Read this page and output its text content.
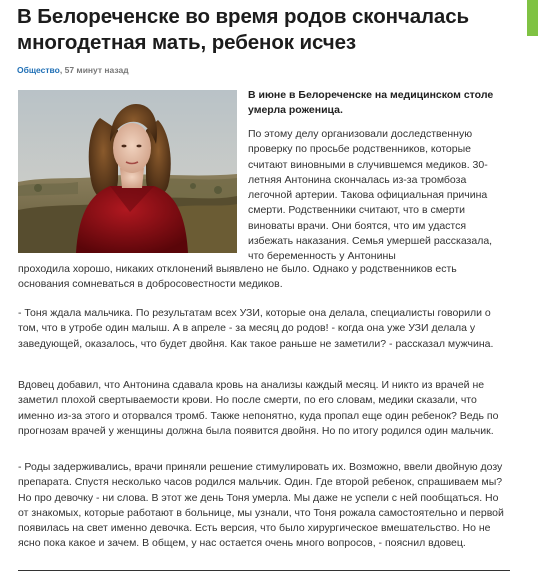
В Белореченске во время родов скончалась многодетная мать, ребенок исчез
Общество, 57 минут назад
В июне в Белореченске на медицинском столе умерла роженица.

По этому делу организовали доследственную проверку по просьбе родственников, которые считают виновными в случившемся медиков. 30-летняя Антонина скончалась из-за тромбоза легочной артерии. Такова официальная причина смерти. Родственники считают, что в смерти виноваты врачи. Они боятся, что им удастся избежать наказания. Семья умершей рассказала, что беременность у Антонины

проходила хорошо, никаких отклонений выявлено не было. Однако у родственников есть основания сомневаться в добросовестности медиков.

- Тоня ждала мальчика. По результатам всех УЗИ, которые она делала, специалисты говорили о том, что в утробе один малыш. А в апреле - за месяц до родов! - когда она уже УЗИ делала у заведующей, оказалось, что будет двойня. Как такое раньше не заметили? - рассказал мужчина.

Вдовец добавил, что Антонина сдавала кровь на анализы каждый месяц. И никто из врачей не заметил плохой свертываемости крови. Но после смерти, по его словам, медики сказали, что именно из-за этого и оторвался тромб. Также непонятно, куда пропал еще один ребенок? Ведь по прогнозам врачей у женщины должна была появится двойня. Но по итогу родился один мальчик.

- Роды задерживались, врачи приняли решение стимулировать их. Возможно, ввели двойную дозу препарата. Спустя несколько часов родился мальчик. Один. Где второй ребенок, спрашиваем мы? Но про девочку - ни слова. В этот же день Тоня умерла. Мы даже не успели с ней пообщаться. Но от знакомых, которые работают в больнице, мы узнали, что Тоня рожала самостоятельно и первой появилась на свет именно девочка. Есть версия, что было хирургическое вмешательство. Но не ясно пока какое и зачем. В общем, у нас остается очень много вопросов, - пояснил вдовец.
